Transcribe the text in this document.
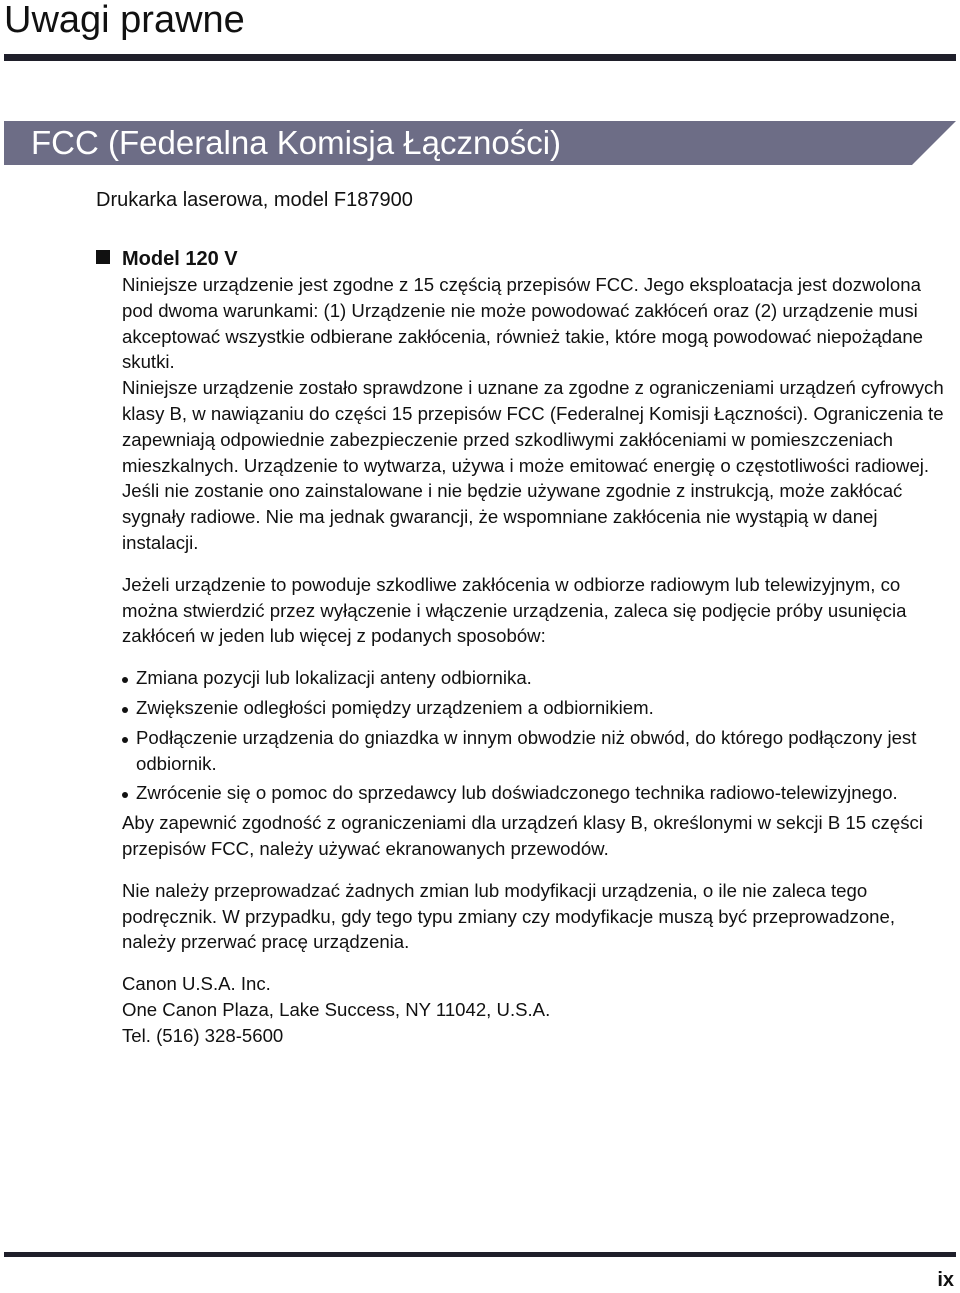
Uwagi prawne
FCC (Federalna Komisja Łączności)
Drukarka laserowa, model F187900
Model 120 V

Niniejsze urządzenie jest zgodne z 15 częścią przepisów FCC. Jego eksploatacja jest dozwolona pod dwoma warunkami: (1) Urządzenie nie może powodować zakłóceń oraz (2) urządzenie musi akceptować wszystkie odbierane zakłócenia, również takie, które mogą powodować niepożądane skutki.

Niniejsze urządzenie zostało sprawdzone i uznane za zgodne z ograniczeniami urządzeń cyfrowych klasy B, w nawiązaniu do części 15 przepisów FCC (Federalnej Komisji Łączności). Ograniczenia te zapewniają odpowiednie zabezpieczenie przed szkodliwymi zakłóceniami w pomieszczeniach mieszkalnych. Urządzenie to wytwarza, używa i może emitować energię o częstotliwości radiowej. Jeśli nie zostanie ono zainstalowane i nie będzie używane zgodnie z instrukcją, może zakłócać sygnały radiowe. Nie ma jednak gwarancji, że wspomniane zakłócenia nie wystąpią w danej instalacji.

Jeżeli urządzenie to powoduje szkodliwe zakłócenia w odbiorze radiowym lub telewizyjnym, co można stwierdzić przez wyłączenie i włączenie urządzenia, zaleca się podjęcie próby usunięcia zakłóceń w jeden lub więcej z podanych sposobów:

Zmiana pozycji lub lokalizacji anteny odbiornika.
Zwiększenie odległości pomiędzy urządzeniem a odbiornikiem.
Podłączenie urządzenia do gniazdka w innym obwodzie niż obwód, do którego podłączony jest odbiornik.
Zwrócenie się o pomoc do sprzedawcy lub doświadczonego technika radiowo-telewizyjnego.

Aby zapewnić zgodność z ograniczeniami dla urządzeń klasy B, określonymi w sekcji B 15 części przepisów FCC, należy używać ekranowanych przewodów.

Nie należy przeprowadzać żadnych zmian lub modyfikacji urządzenia, o ile nie zaleca tego podręcznik. W przypadku, gdy tego typu zmiany czy modyfikacje muszą być przeprowadzone, należy przerwać pracę urządzenia.

Canon U.S.A. Inc.

One Canon Plaza, Lake Success, NY 11042, U.S.A.

Tel. (516) 328-5600

ix
